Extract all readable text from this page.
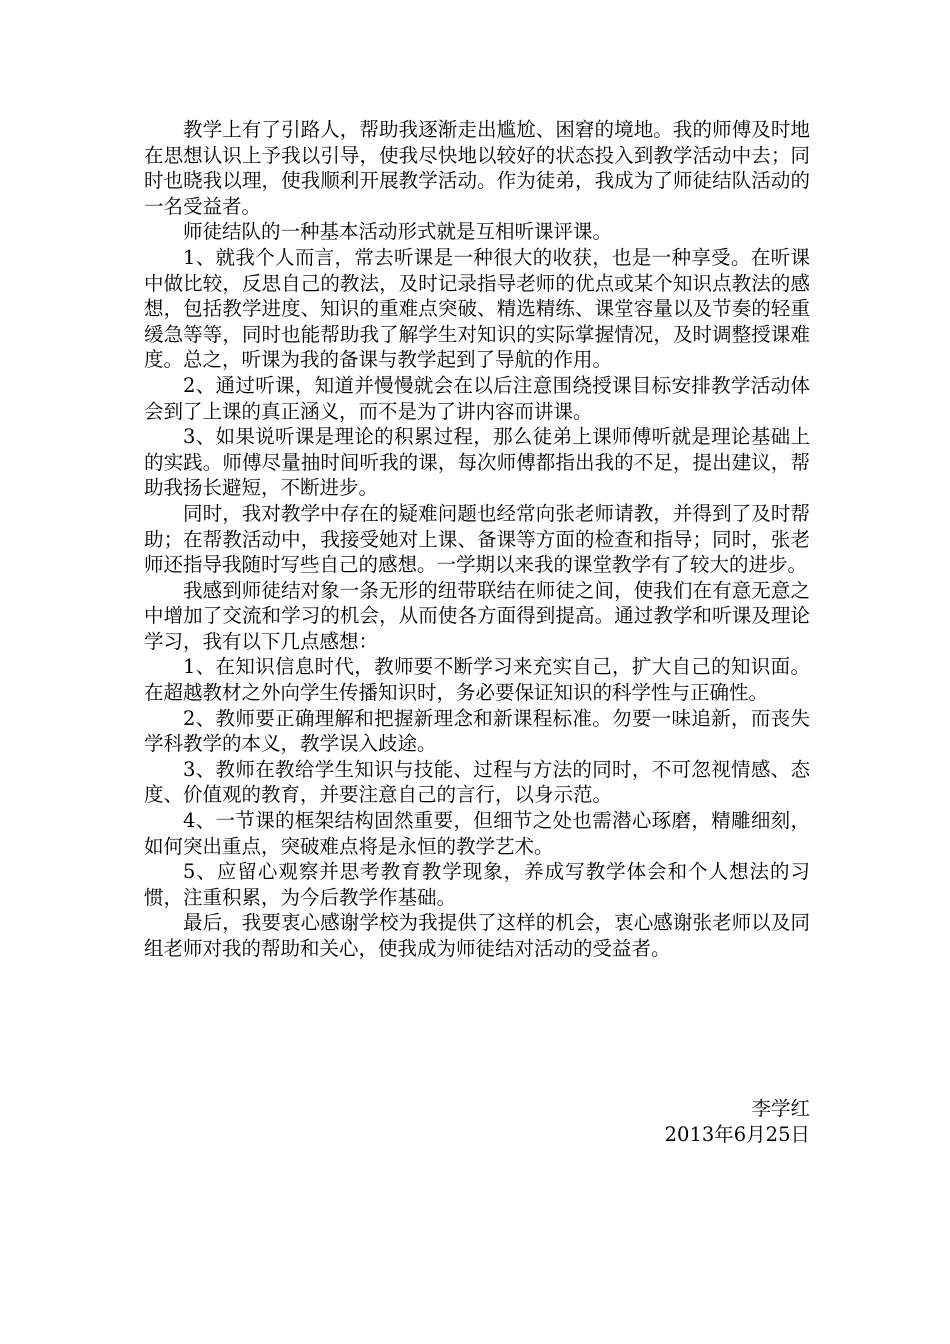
教学上有了引路人，帮助我逐渐走出尴尬、困窘的境地。我的师傅及时地在思想认识上予我以引导，使我尽快地以较好的状态投入到教学活动中去；同时也晓我以理，使我顺利开展教学活动。作为徒弟，我成为了师徒结队活动的一名受益者。

师徒结队的一种基本活动形式就是互相听课评课。

1、就我个人而言，常去听课是一种很大的收获，也是一种享受。在听课中做比较，反思自己的教法，及时记录指导老师的优点或某个知识点教法的感想，包括教学进度、知识的重难点突破、精选精练、课堂容量以及节奏的轻重缓急等等，同时也能帮助我了解学生对知识的实际掌握情况，及时调整授课难度。总之，听课为我的备课与教学起到了导航的作用。

2、通过听课，知道并慢慢就会在以后注意围绕授课目标安排教学活动体会到了上课的真正涵义，而不是为了讲内容而讲课。

3、如果说听课是理论的积累过程，那么徒弟上课师傅听就是理论基础上的实践。师傅尽量抽时间听我的课，每次师傅都指出我的不足，提出建议，帮助我扬长避短，不断进步。

同时，我对教学中存在的疑难问题也经常向张老师请教，并得到了及时帮助；在帮教活动中，我接受她对上课、备课等方面的检查和指导；同时，张老师还指导我随时写些自己的感想。一学期以来我的课堂教学有了较大的进步。

我感到师徒结对象一条无形的纽带联结在师徒之间，使我们在有意无意之中增加了交流和学习的机会，从而使各方面得到提高。通过教学和听课及理论学习，我有以下几点感想：

1、在知识信息时代，教师要不断学习来充实自己，扩大自己的知识面。在超越教材之外向学生传播知识时，务必要保证知识的科学性与正确性。

2、教师要正确理解和把握新理念和新课程标准。勿要一味追新，而丧失学科教学的本义，教学误入歧途。

3、教师在教给学生知识与技能、过程与方法的同时，不可忽视情感、态度、价值观的教育，并要注意自己的言行，以身示范。

4、一节课的框架结构固然重要，但细节之处也需潜心琢磨，精雕细刻，如何突出重点，突破难点将是永恒的教学艺术。

5、应留心观察并思考教育教学现象，养成写教学体会和个人想法的习惯，注重积累，为今后教学作基础。

最后，我要衷心感谢学校为我提供了这样的机会，衷心感谢张老师以及同组老师对我的帮助和关心，使我成为师徒结对活动的受益者。

李学红
2013年6月25日
